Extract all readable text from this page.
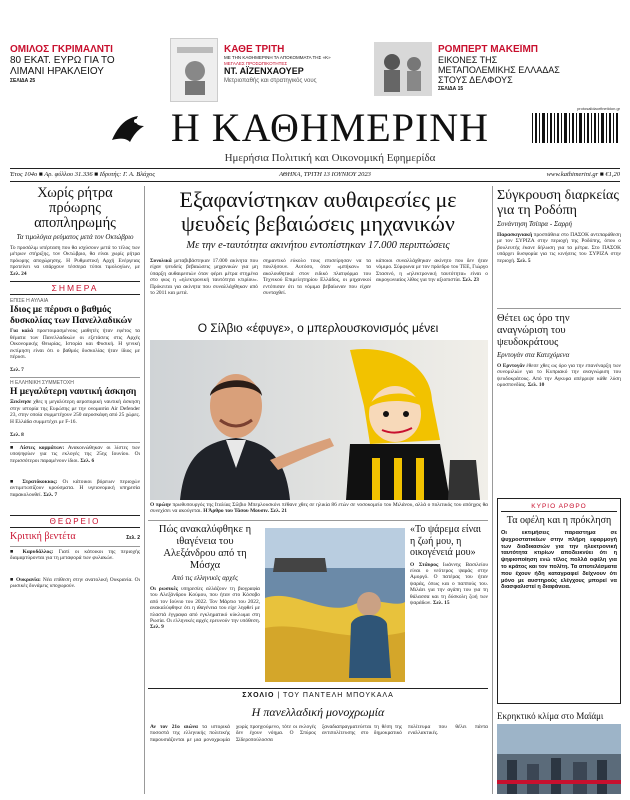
ΟΜΙΛΟΣ ΓΚΡΙΜΑΛΝΤΙ
80 ΕΚΑΤ. ΕΥΡΩ ΓΙΑ ΤΟ ΛΙΜΑΝΙ ΗΡΑΚΛΕΙΟΥ
ΣΕΛΙΔΑ 25
ΚΑΘΕ ΤΡΙΤΗ
ΜΕ ΤΗΝ ΚΑΘΗΜΕΡΙΝΗ ΤΑ ΑΠΟΚΟΜΜΑΤΑ ΤΗΣ «Κ»
ΜΕΓΑΛΕΣ ΠΡΟΣΩΠΙΚΟΤΗΤΕΣ
ΝΤ. ΑΪΖΕΝΧΑΟΥΕΡ
Μετριοπαθής και στρατηγικός νους
ΡΟΜΠΕΡΤ ΜΑΚΕΪΜΠ
ΕΙΚΟΝΕΣ ΤΗΣ ΜΕΤΑΠΟΛΕΜΙΚΗΣ ΕΛΛΑΔΑΣ ΣΤΟΥΣ ΔΕΛΦΟΥΣ
ΣΕΛΙΔΑ 15
Η ΚΑΘΗΜΕΡΙΝΗ
Ημερήσια Πολιτική και Οικονομική Εφημερίδα
protosalidaorfinetidon.gr
Έτος 104ο ■ Αρ. φύλλου 31.336 ■ Ιδρυτής: Γ. Α. Βλάχος	ΑΘΗΝΑ, ΤΡΙΤΗ 13 ΙΟΥΝΙΟΥ 2023	www.kathimerini.gr ■ €1,20
Χωρίς ρήτρα πρόωρης αποπληρωμής
Τα τιμολόγια ρεύματος μετά τον Οκτώβριο
Το προσάλιμ υπέρταση που θα ισχύσουν μετά το τέλος των μέτρων στήριξης, τον Οκτώβριο, θα είναι χωρίς ρήτρα πρόωρης αποχώρησης. Η Ρυθμιστική Αρχή Ενέργειας προτείνει να υπάρχουν τέσσερα τύποι τιμολογίων, με
Σελ. 24
ΣΗΜΕΡΑ
ΕΠΙΣΕ Η ΑΥΛΑΙΑ
Ιδιος με πέρυσι ο βαθμός δυσκολίας των Πανελλαδικών
Για καλά προετοιμασμένους μαθητές ήταν εφέτος τα θέματα των Πανελλαδικών οι εξετάσεις στις Αρχές Οικονομικής Θεωρίας, Ιστορία και Φυσική. Η γενική εκτίμηση είναι ότι ο βαθμός δυσκολίας ήταν ίδιος με πέρυσι.
Σελ. 7
Η ΕΛΛΗΝΙΚΗ ΣΥΜΜΕΤΟΧΗ
Η μεγαλύτερη ναυτική άσκηση
Ξεκίνησε χθες η μεγαλύτερη αεροπορική ναυτική άσκηση στην ιστορία της Ευρώπης με την ονομασία Air Defender 23, στην οποία συμμετέχουν 250 αεροσκάφη από 25 χώρες. Η Ελλάδα συμμετέχει με F-16.
Σελ. 8
■ Λίστες κομμάτων: Ανακοινώθηκαν οι λίστες των υποψηφίων για τις εκλογές της 25ης Ιουνίου. Οι περισσότεροι παραμένουν ίδιοι. Σελ. 6
■ Στρατόκοκκος: Οι κάτοικοι βόρειων περιοχών αντιμετωπίζουν κρούσματα. Η υγειονομική υπηρεσία παρακολουθεί. Σελ. 7
ΘΕΩΡΕΙΟ
Κριτική βεντέτα	Σελ. 2
■ Καρυδάλλος: Γιατί οι κάτοικοι της περιοχής διαμαρτύρονται για τη μεταφορά των φυλακών.
■ Ουκρανία: Νέα επίθεση στην ανατολική Ουκρανία. Οι ρωσικές δυνάμεις υποχωρούν.
Εξαφανίστηκαν αυθαιρεσίες με ψευδείς βεβαιώσεις μηχανικών
Με την e-ταυτότητα ακινήτου εντοπίστηκαν 17.000 περιπτώσεις
Συνολικά μεταβιβάστηκαν 17.000 ακίνητα που είχαν ψευδείς βεβαιώσεις μηχανικών για μη ύπαρξη αυθαιρεσιών όταν φέρει μέτρα στημένα στο φως η «ηλεκτρονική ταυτότητα κτιρίου». Πρόκειται για ακίνητα που συναλλάχθηκαν από το 2011 και μετά.
σημαντικό εύκολο τους επισείρησαν να τα πουλήσουν. Αυτόσο, όταν «μπήκαν» τα ακολουθητικά στον ειδικό πλατφόρμα του Τεχνικού Επιμελητηρίου Ελλάδος, οι μηχανικοί εντόπισαν ότι τα νόμιμα βεβαίωναν που είχαν συνταχθεί.
κάποιοι συναλλάχθηκαν ακίνητο που δεν ήταν νόμιμο. Σύμφωνα με τον πρόεδρο του ΤΕΕ, Γιώργο Στασινό, η «ηλεκτρονική ταυτότητα» είναι ο ακρογωνιαίος λίθος για την αξιοπιστία. Σελ. 23
Ο Σίλβιο «έφυγε», ο μπερλουσκονισμός μένει
Ο πρώην πρωθυπουργός της Ιταλίας Σίλβιο Μπερλουσκόνι πέθανε χθες σε ηλικία 86 ετών σε νοσοκομείο του Μιλάνου, αλλά ο πολιτικός του απόηχος θα συνεχίσει να ακούγεται. Η Άρθρο του Τάσου Μουσιν. Σελ. 21
Σύγκρουση διαρκείας για τη Ροδόπη
Συνάντηση Τσίπρα - Σαρρή
Παρασκηνιακή προσπάθεια στο ΠΑΣΟΚ αντιπαράθεση με τον ΣΥΡΙΖΑ στην περιοχή της Ροδόπης, όπου ο βουλευτής έκανε δήλωση για τα μέτρα. Στο ΠΑΣΟΚ υπάρχει δυσφορία για τις κινήσεις του ΣΥΡΙΖΑ στην περιοχή. Σελ. 5
Θέτει ως όρο την αναγνώριση του ψευδοκράτους
Ερντογάν στα Κατεχόμενα
Ο Ερντογάν έθεσε χθες ως όρο για την επανέναρξη των συνομιλιών για το Κυπριακό την αναγνώριση του ψευδοκράτους. Από την Αγκυρα απέρριψε κάθε λύση ομοσπονδίας. Σελ. 10
ΚΥΡΙΟ ΑΡΘΡΟ
Τα οφέλη και η πρόκληση
Οι εκτιμήσεις παραστημα σε ψυχροστατικέων στην πλήρη εφαρμογή των διαδικασιών για την ηλεκτρονική ταυτότητα κτιρίων αποδεικνύει ότι η ψηφιοποίηση ενώ τέλος πολλά οφέλη για το κράτος και τον πολίτη. Τα αποτελέσματα που έχουν ήδη καταγραφεί δείχνουν ότι μόνο με αυστηρούς ελέγχους μπορεί να διασφαλιστεί η διαφάνεια.
Εκρηκτικό κλίμα στο Μαϊάμι
Πώς ανακαλύφθηκε η ιθαγένεια του Αλεξάνδρου από τη Μόσχα
Από τις ελληνικές αρχές
Οι ρωσικές υπηρεσίες αλλάζουν τη βιογραφία του Αλεξάνδρου Κούμου, που ήταν στο Κόσοβο από τον Ιούνιο του 2022. Τον Μάρτιο του 2022, ανακαλύφθηκε ότι η ιθαγένεια του είχε ληφθεί με πλαστά έγγραφα από εγκληματικό κύκλωμα στη Ρωσία. Οι ελληνικές αρχές ερευνούν την υπόθεση. Σελ. 9
«Το ψάρεμα είναι η ζωή μου, η οικογένειά μου»
Ο Στάυρος Ιωάννης Βασιλείου είναι ο νεότερος ψαράς στην Αμοργό. Ο πατέρας του ήταν ψαράς, όπως και ο παππούς του. Μιλάει για την αγάπη του για τη θάλασσα και τη δύσκολη ζωή των ψαράδων. Σελ. 15
ΣΧΟΛΙΟ | ΤΟΥ ΠΑΝΤΕΛΗ ΜΠΟΥΚΑΛΑ
Η πανελλαδική μονοχρωμία
Αν τον 21ο αιώνα τα ιστορικά ποσοστά της ελληνικής πολιτικής παρουσιάζονται με μια μονοχρωμία χωρίς προηγούμενο, τότε οι εκλογές δεν έχουν νόημα. Ο Σπύρος Σίδεροπούλοσσα ξαναδιαπραγματεύεται τη θέση της αντιπολίτευσης στο δημοκρατικό πολίτευμα που θέλει πάντα εναλλακτικές.
